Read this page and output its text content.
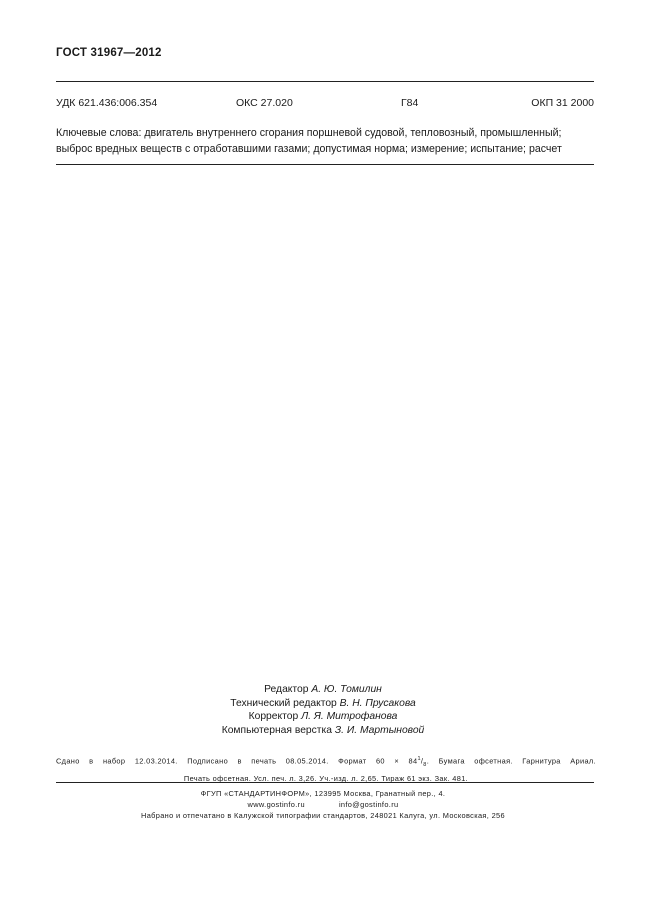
ГОСТ 31967—2012
УДК 621.436:006.354	ОКС 27.020	Г84	ОКП 31 2000
Ключевые слова: двигатель внутреннего сгорания поршневой судовой, тепловозный, промышленный;
выброс вредных веществ с отработавшими газами; допустимая норма; измерение; испытание; расчет
Редактор А. Ю. Томилин
Технический редактор В. Н. Прусакова
Корректор Л. Я. Митрофанова
Компьютерная верстка З. И. Мартыновой
Сдано в набор 12.03.2014. Подписано в печать 08.05.2014. Формат $60 \times 84^1/_8$. Бумага офсетная. Гарнитура Ариал.
Печать офсетная. Усл. печ. л. 3,26. Уч.-изд. л. 2,65. Тираж 61 экз. Зак. 481.
ФГУП «СТАНДАРТИНФОРМ», 123995 Москва, Гранатный пер., 4.
www.gostinfo.ru	info@gostinfo.ru
Набрано и отпечатано в Калужской типографии стандартов, 248021 Калуга, ул. Московская, 256
